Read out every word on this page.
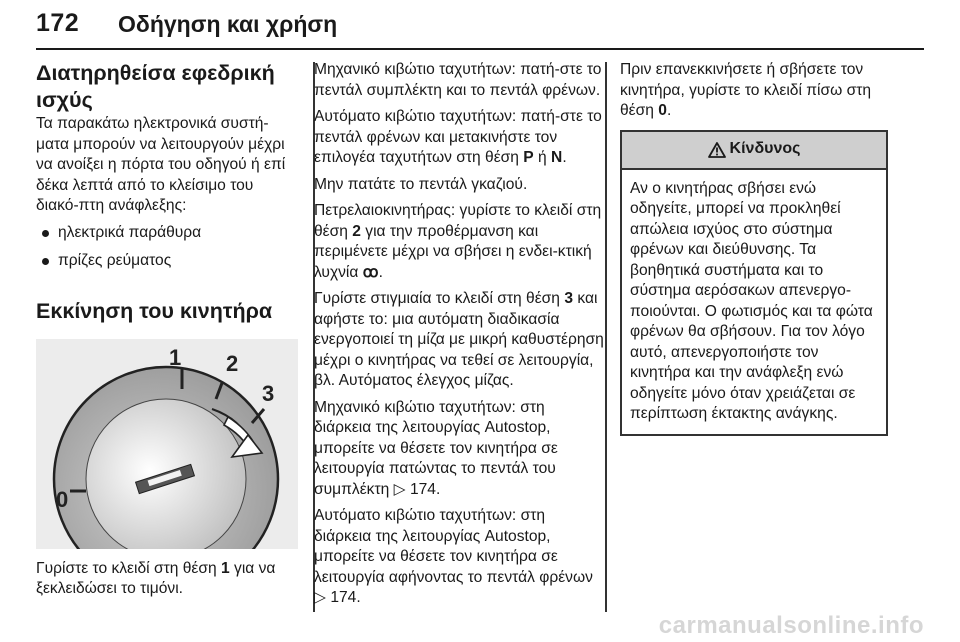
172 Οδήγηση και χρήση
Διατηρηθείσα εφεδρική ισχύς

Τα παρακάτω ηλεκτρονικά συστή-ματα μπορούν να λειτουργούν μέχρι να ανοίξει η πόρτα του οδηγού ή επί δέκα λεπτά από το κλείσιμο του διακό-πτη ανάφλεξης:

ηλεκτρικά παράθυρα
πρίζες ρεύματος
Εκκίνηση του κινητήρα
1 2
3
0

Γυρίστε το κλειδί στη θέση 1 για να ξεκλειδώσει το τιμόνι.

Μηχανικό κιβώτιο ταχυτήτων: πατή-στε το πεντάλ συμπλέκτη και το πεντάλ φρένων.

Αυτόματο κιβώτιο ταχυτήτων: πατή-στε το πεντάλ φρένων και μετακινήστε τον επιλογέα ταχυτήτων στη θέση P ή N.

Μην πατάτε το πεντάλ γκαζιού.

Πετρελαιοκινητήρας: γυρίστε το κλειδί στη θέση 2 για την προθέρμανση και περιμένετε μέχρι να σβήσει η ενδει-κτική λυχνία ꝏ.

Γυρίστε στιγμιαία το κλειδί στη θέση 3 και αφήστε το: μια αυτόματη διαδικασία ενεργοποιεί τη μίζα με μικρή καθυστέρηση μέχρι ο κινητήρας να τεθεί σε λειτουργία, βλ. Αυτόματος έλεγχος μίζας.

Μηχανικό κιβώτιο ταχυτήτων: στη διάρκεια της λειτουργίας Autostop, μπορείτε να θέσετε τον κινητήρα σε λειτουργία πατώντας το πεντάλ του συμπλέκτη ▷ 174.

Αυτόματο κιβώτιο ταχυτήτων: στη διάρκεια της λειτουργίας Autostop, μπορείτε να θέσετε τον κινητήρα σε λειτουργία αφήνοντας το πεντάλ φρένων ▷ 174.

Πριν επανεκκινήσετε ή σβήσετε τον κινητήρα, γυρίστε το κλειδί πίσω στη θέση 0.

Κίνδυνος
Αν ο κινητήρας σβήσει ενώ οδηγείτε, μπορεί να προκληθεί απώλεια ισχύος στο σύστημα φρένων και διεύθυνσης. Τα βοηθητικά συστήματα και το σύστημα αερόσακων απενεργο-ποιούνται. Ο φωτισμός και τα φώτα φρένων θα σβήσουν. Για τον λόγο αυτό, απενεργοποιήστε τον κινητήρα και την ανάφλεξη ενώ οδηγείτε μόνο όταν χρειάζεται σε περίπτωση έκτακτης ανάγκης.
carmanualsonline.info
